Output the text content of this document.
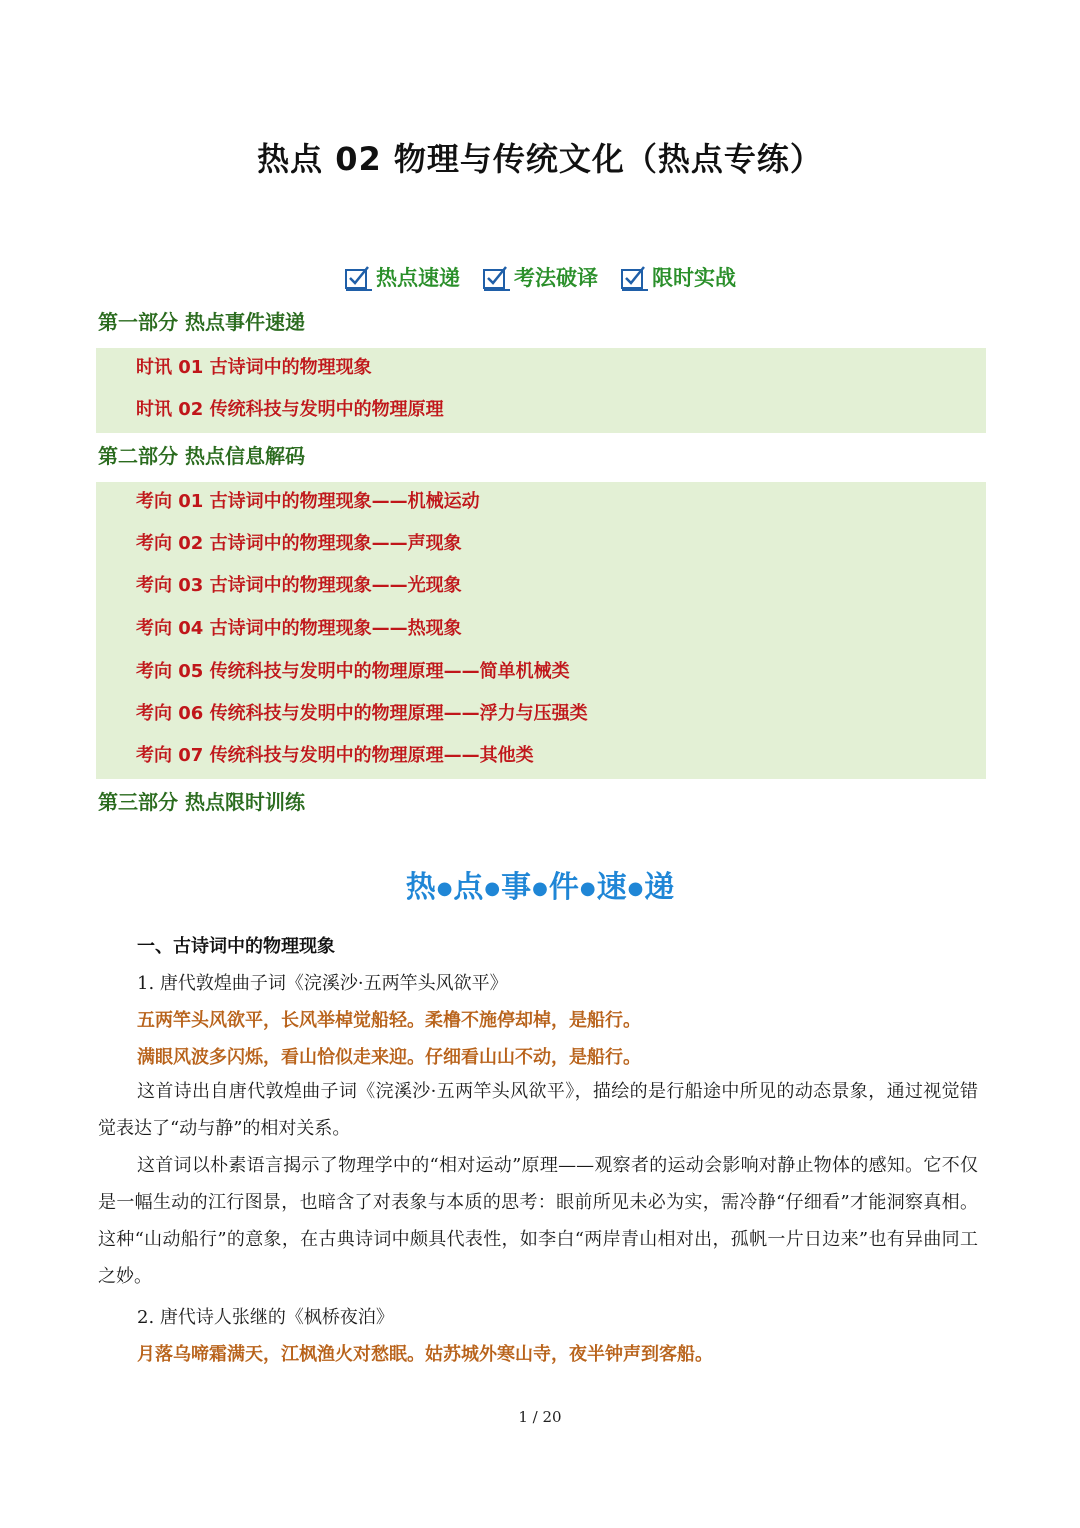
热点 02 物理与传统文化（热点专练）
热点速递	考法破译	限时实战
第一部分 热点事件速递
时讯 01 古诗词中的物理现象
时讯 02 传统科技与发明中的物理原理
第二部分 热点信息解码
考向 01 古诗词中的物理现象——机械运动
考向 02 古诗词中的物理现象——声现象
考向 03 古诗词中的物理现象——光现象
考向 04 古诗词中的物理现象——热现象
考向 05 传统科技与发明中的物理原理——简单机械类
考向 06 传统科技与发明中的物理原理——浮力与压强类
考向 07 传统科技与发明中的物理原理——其他类
第三部分 热点限时训练
热●点●事●件●速●递
一、古诗词中的物理现象
1. 唐代敦煌曲子词《浣溪沙·五两竿头风欲平》
五两竿头风欲平，长风举棹觉船轻。柔橹不施停却棹，是船行。
满眼风波多闪烁，看山恰似走来迎。仔细看山山不动，是船行。
这首诗出自唐代敦煌曲子词《浣溪沙·五两竿头风欲平》，描绘的是行船途中所见的动态景象，通过视觉错觉表达了“动与静”的相对关系。
这首词以朴素语言揭示了物理学中的“相对运动”原理——观察者的运动会影响对静止物体的感知。它不仅是一幅生动的江行图景，也暗含了对表象与本质的思考：眼前所见未必为实，需冷静“仔细看”才能洞察真相。这种“山动船行”的意象，在古典诗词中颇具代表性，如李白“两岸青山相对出，孤帆一片日边来”也有异曲同工之妙。
2. 唐代诗人张继的《枫桥夜泊》
月落乌啼霜满天，江枫渔火对愁眠。姑苏城外寒山寺，夜半钟声到客船。
1 / 20
